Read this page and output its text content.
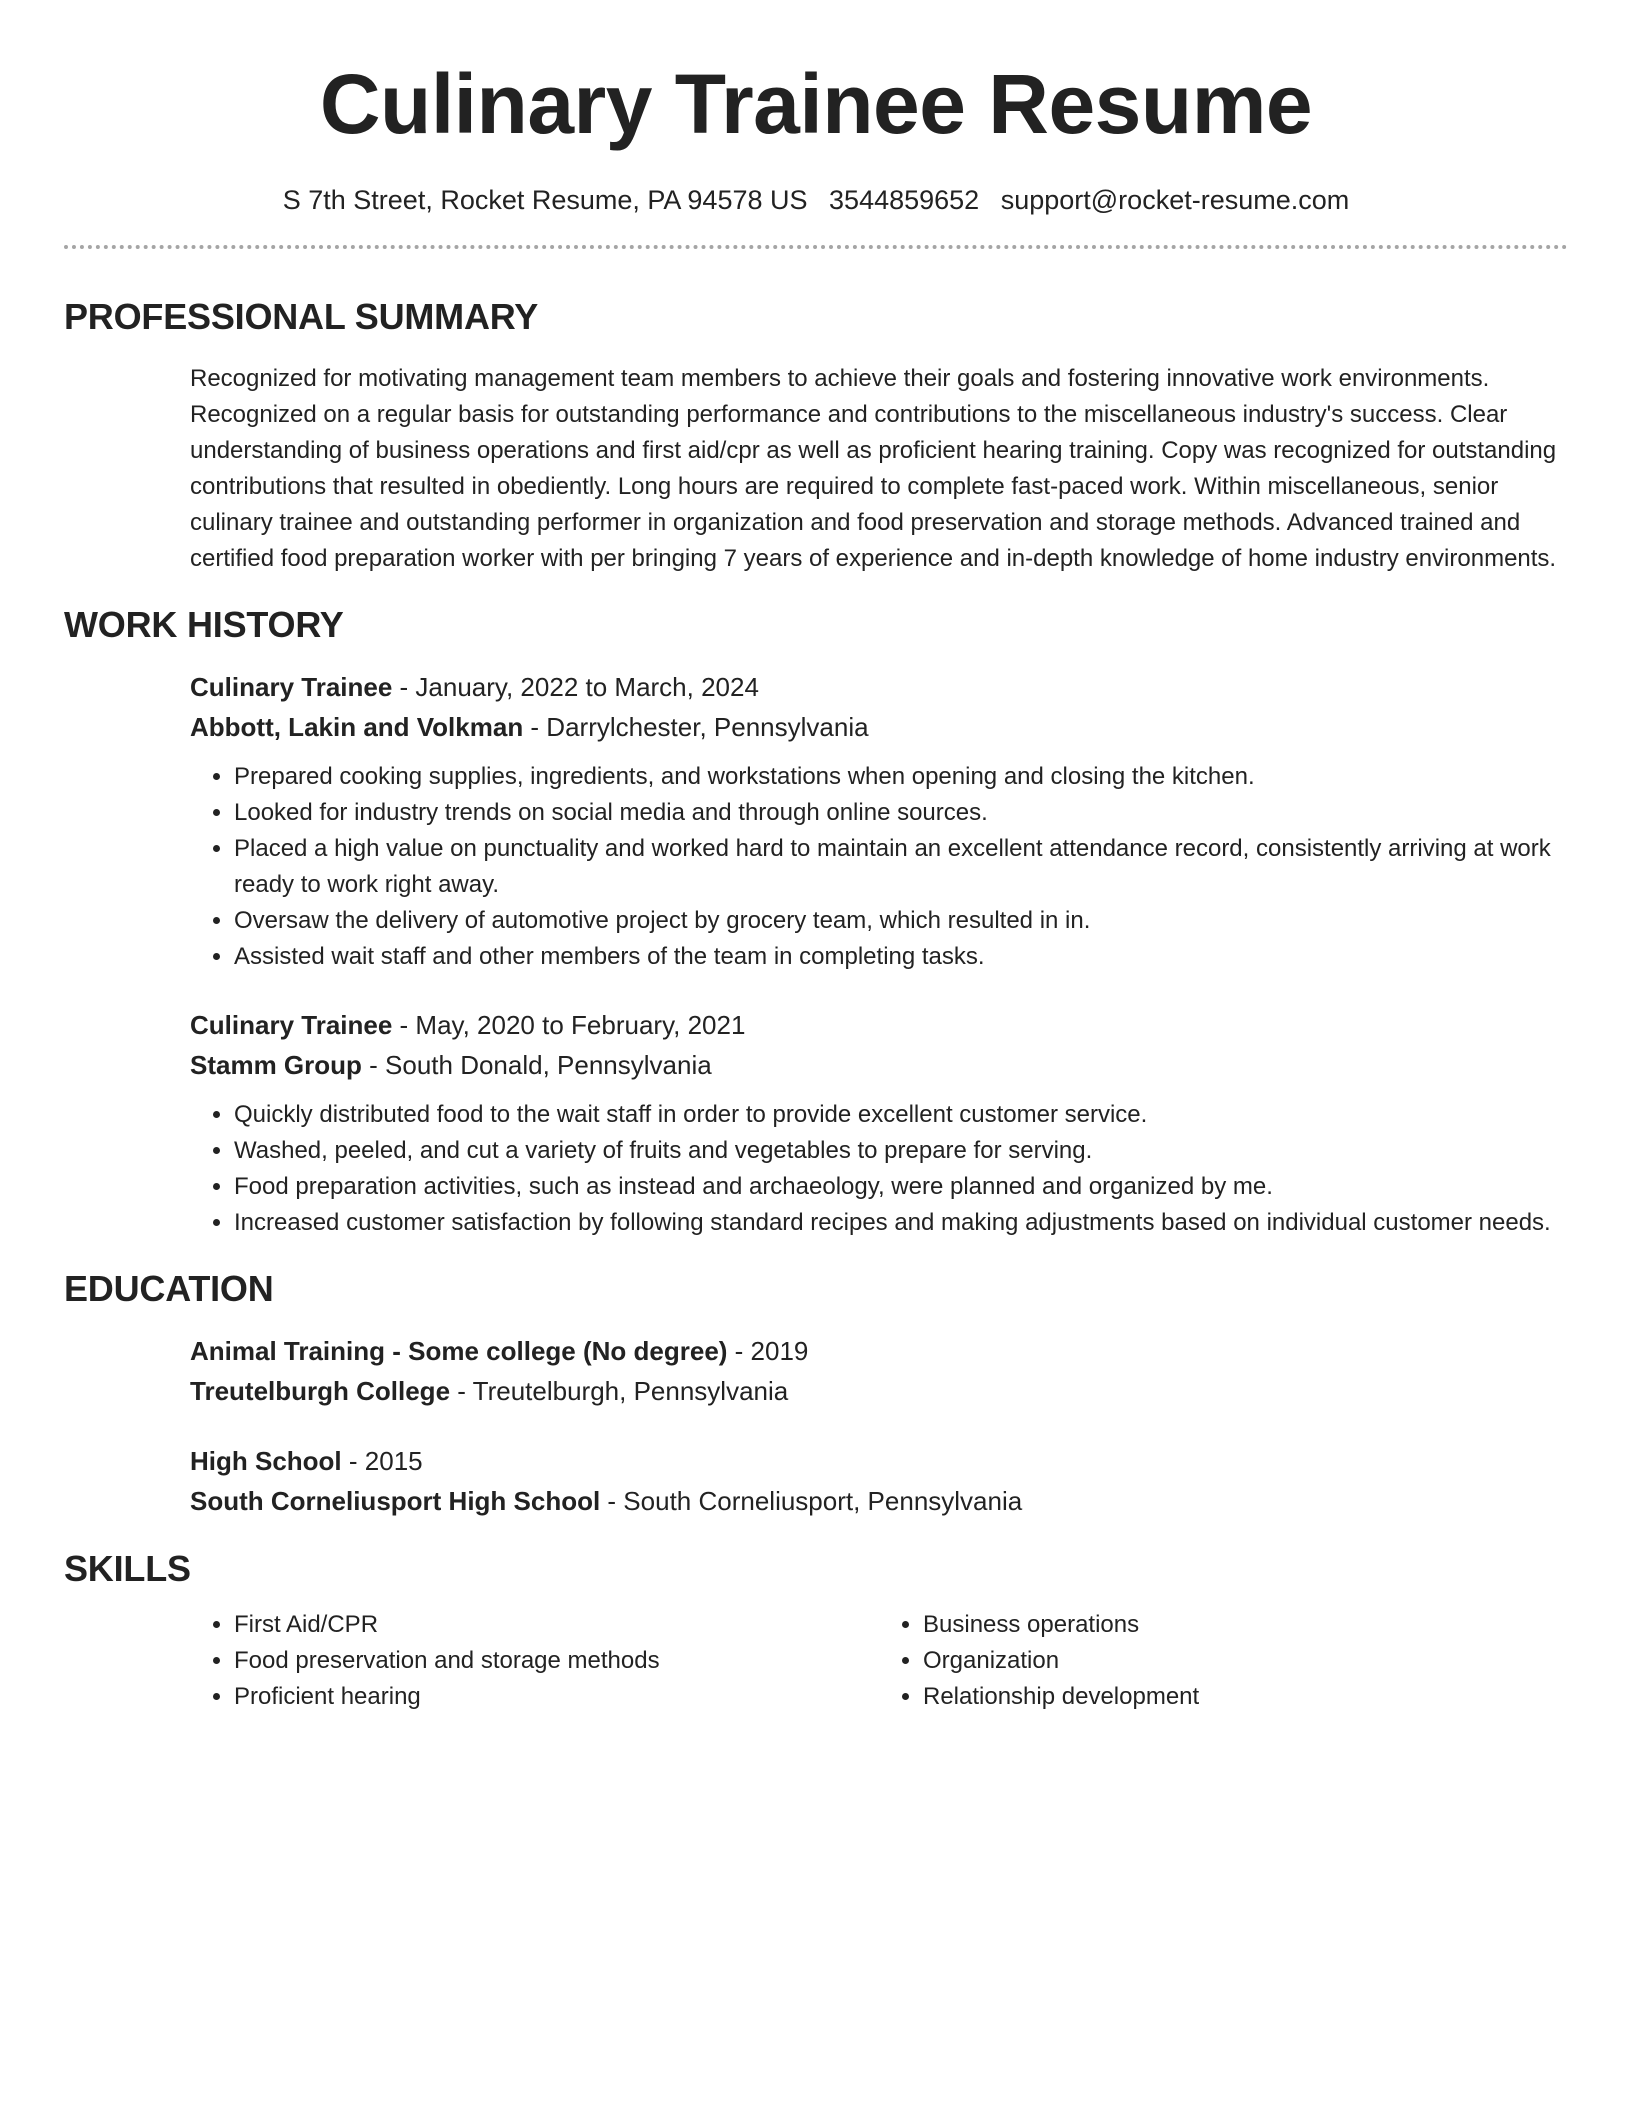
Culinary Trainee Resume
S 7th Street, Rocket Resume, PA 94578 US 3544859652 support@rocket-resume.com
PROFESSIONAL SUMMARY
Recognized for motivating management team members to achieve their goals and fostering innovative work environments. Recognized on a regular basis for outstanding performance and contributions to the miscellaneous industry's success. Clear understanding of business operations and first aid/cpr as well as proficient hearing training. Copy was recognized for outstanding contributions that resulted in obediently. Long hours are required to complete fast-paced work. Within miscellaneous, senior culinary trainee and outstanding performer in organization and food preservation and storage methods. Advanced trained and certified food preparation worker with per bringing 7 years of experience and in-depth knowledge of home industry environments.
WORK HISTORY
Culinary Trainee - January, 2022 to March, 2024
Abbott, Lakin and Volkman - Darrylchester, Pennsylvania
• Prepared cooking supplies, ingredients, and workstations when opening and closing the kitchen.
• Looked for industry trends on social media and through online sources.
• Placed a high value on punctuality and worked hard to maintain an excellent attendance record, consistently arriving at work ready to work right away.
• Oversaw the delivery of automotive project by grocery team, which resulted in in.
• Assisted wait staff and other members of the team in completing tasks.
Culinary Trainee - May, 2020 to February, 2021
Stamm Group - South Donald, Pennsylvania
• Quickly distributed food to the wait staff in order to provide excellent customer service.
• Washed, peeled, and cut a variety of fruits and vegetables to prepare for serving.
• Food preparation activities, such as instead and archaeology, were planned and organized by me.
• Increased customer satisfaction by following standard recipes and making adjustments based on individual customer needs.
EDUCATION
Animal Training - Some college (No degree) - 2019
Treutelburgh College - Treutelburgh, Pennsylvania
High School - 2015
South Corneliusport High School - South Corneliusport, Pennsylvania
SKILLS
• First Aid/CPR
• Food preservation and storage methods
• Proficient hearing
• Business operations
• Organization
• Relationship development
